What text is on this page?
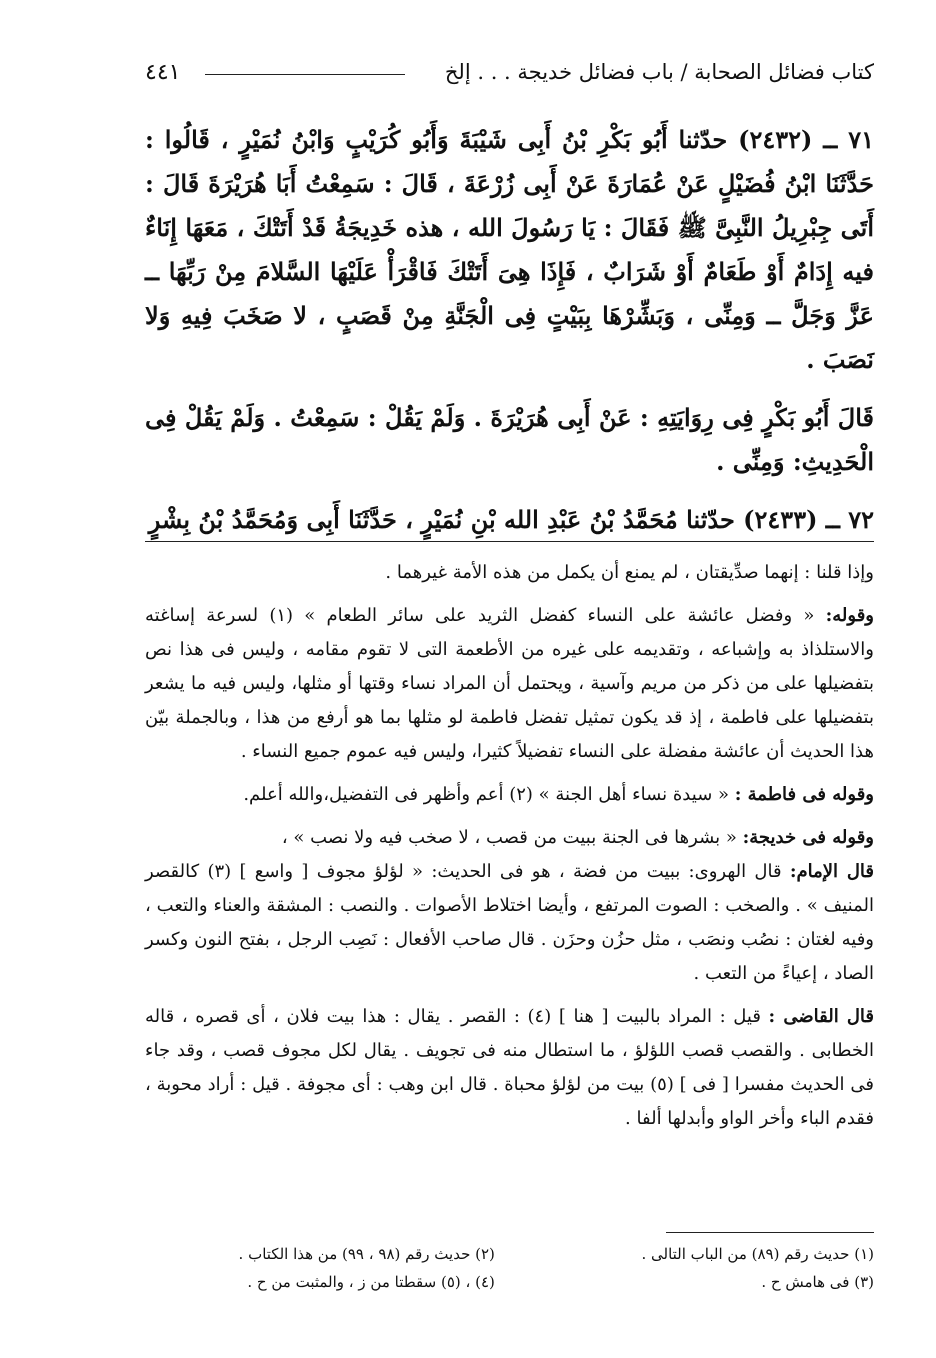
كتاب فضائل الصحابة / باب فضائل خديجة . . . إلخ
٤٤١

٧١ ــ (٢٤٣٢) حدّثنا أَبُو بَكْرِ بْنُ أَبِى شَيْبَةَ وَأَبُو كُرَيْبٍ وَابْنُ نُمَيْرٍ ، قَالُوا : حَدَّثَنَا ابْنُ فُضَيْلٍ عَنْ عُمَارَةَ عَنْ أَبِى زُرْعَةَ ، قَالَ : سَمِعْتُ أَبَا هُرَيْرَةَ قَالَ : أَتَى جِبْرِيلُ النَّبِىَّ ﷺ فَقَالَ : يَا رَسُولَ الله ، هذه خَدِيجَةُ قَدْ أَتَتْكَ ، مَعَهَا إِنَاءٌ فيه إِدَامٌ أَوْ طَعَامٌ أَوْ شَرَابٌ ، فَإِذَا هِىَ أَتَتْكَ فَاقْرَأْ عَلَيْهَا السَّلامَ مِنْ رَبِّهَا ــ عَزَّ وَجَلَّ ــ وَمِنِّى ، وَبَشِّرْهَا بِبَيْتٍ فِى الْجَنَّةِ مِنْ قَصَبٍ ، لا صَخَبَ فِيهِ وَلا نَصَبَ .

قَالَ أَبُو بَكْرٍ فِى رِوَايَتِهِ : عَنْ أَبِى هُرَيْرَةَ . وَلَمْ يَقُلْ : سَمِعْتُ . وَلَمْ يَقُلْ فِى الْحَدِيثِ: وَمِنِّى .

٧٢ ــ (٢٤٣٣) حدّثنا مُحَمَّدُ بْنُ عَبْدِ الله بْنِ نُمَيْرٍ ، حَدَّثَنَا أَبِى وَمُحَمَّدُ بْنُ بِشْرٍ

وإذا قلنا : إنهما صدِّيقتان ، لم يمنع أن يكمل من هذه الأمة غيرهما .

وقوله: « وفضل عائشة على النساء كفضل الثريد على سائر الطعام » (١) لسرعة إساغته والاستلذاذ به وإشباعه ، وتقديمه على غيره من الأطعمة التى لا تقوم مقامه ، وليس فى هذا نص بتفضيلها على من ذكر من مريم وآسية ، ويحتمل أن المراد نساء وقتها أو مثلها، وليس فيه ما يشعر بتفضيلها على فاطمة ، إذ قد يكون تمثيل تفضل فاطمة لو مثلها بما هو أرفع من هذا ، وبالجملة بيّن هذا الحديث أن عائشة مفضلة على النساء تفضيلاً كثيرا، وليس فيه عموم جميع النساء .

وقوله فى فاطمة : « سيدة نساء أهل الجنة » (٢) أعم وأظهر فى التفضيل،والله أعلم.

وقوله فى خديجة: « بشرها فى الجنة ببيت من قصب ، لا صخب فيه ولا نصب » ،

قال الإمام: قال الهروى: ببيت من فضة ، هو فى الحديث: « لؤلؤ مجوف [ واسع ] (٣) كالقصر المنيف » . والصخب : الصوت المرتفع ، وأيضا اختلاط الأصوات . والنصب : المشقة والعناء والتعب ، وفيه لغتان : نصُب ونصَب ، مثل حزُن وحزَن . قال صاحب الأفعال : نَصِب الرجل ، بفتح النون وكسر الصاد ، إعياءً من التعب .

قال القاضى : قيل : المراد بالبيت [ هنا ] (٤) : القصر . يقال : هذا بيت فلان ، أى قصره ، قاله الخطابى . والقصب قصب اللؤلؤ ، ما استطال منه فى تجويف . يقال لكل مجوف قصب ، وقد جاء فى الحديث مفسرا [ فى ] (٥) بيت من لؤلؤ محباة . قال ابن وهب : أى مجوفة . قيل : أراد محوبة ، فقدم الباء وأخر الواو وأبدلها ألفا .

(١) حديث رقم (٨٩) من الباب التالى .
(٢) حديث رقم (٩٨ ، ٩٩) من هذا الكتاب .
(٣) فى هامش ح .
(٤) ، (٥) سقطتا من ز ، والمثبت من ح .
